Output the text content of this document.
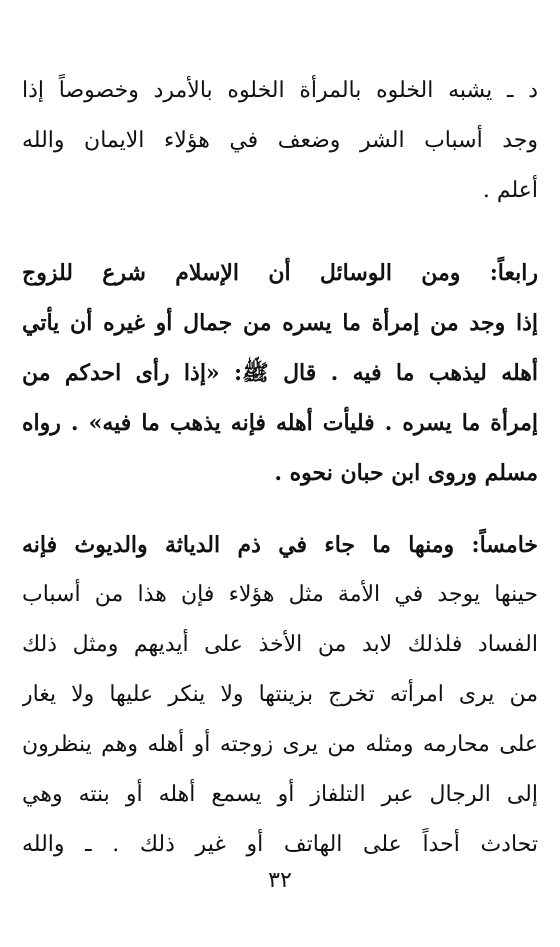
د ـ يشبه الخلوه بالمرأة الخلوه بالأمرد وخصوصاً إذا
وجد أسباب الشر وضعف في هؤلاء الايمان والله
أعلم .
رابعاً: ومن الوسائل أن الإسلام شرع للزوج
إذا وجد من إمرأة ما يسره من جمال أو غيره أن يأتي
أهله ليذهب ما فيه . قال ﷺ: «إذا رأى احدكم من
إمرأة ما يسره . فليأت أهله فإنه يذهب ما فيه» . رواه
مسلم وروى ابن حبان نحوه .
خامساً: ومنها ما جاء في ذم الدياثة والديوث فإنه
حينها يوجد في الأمة مثل هؤلاء فإن هذا من أسباب
الفساد فلذلك لابد من الأخذ على أيديهم ومثل ذلك
من يرى امرأته تخرج بزينتها ولا ينكر عليها ولا يغار
على محارمه ومثله من يرى زوجته أو أهله وهم ينظرون
إلى الرجال عبر التلفاز أو يسمع أهله أو بنته وهي
تحادث أحداً على الهاتف أو غير ذلك . ـ والله
٣٢
